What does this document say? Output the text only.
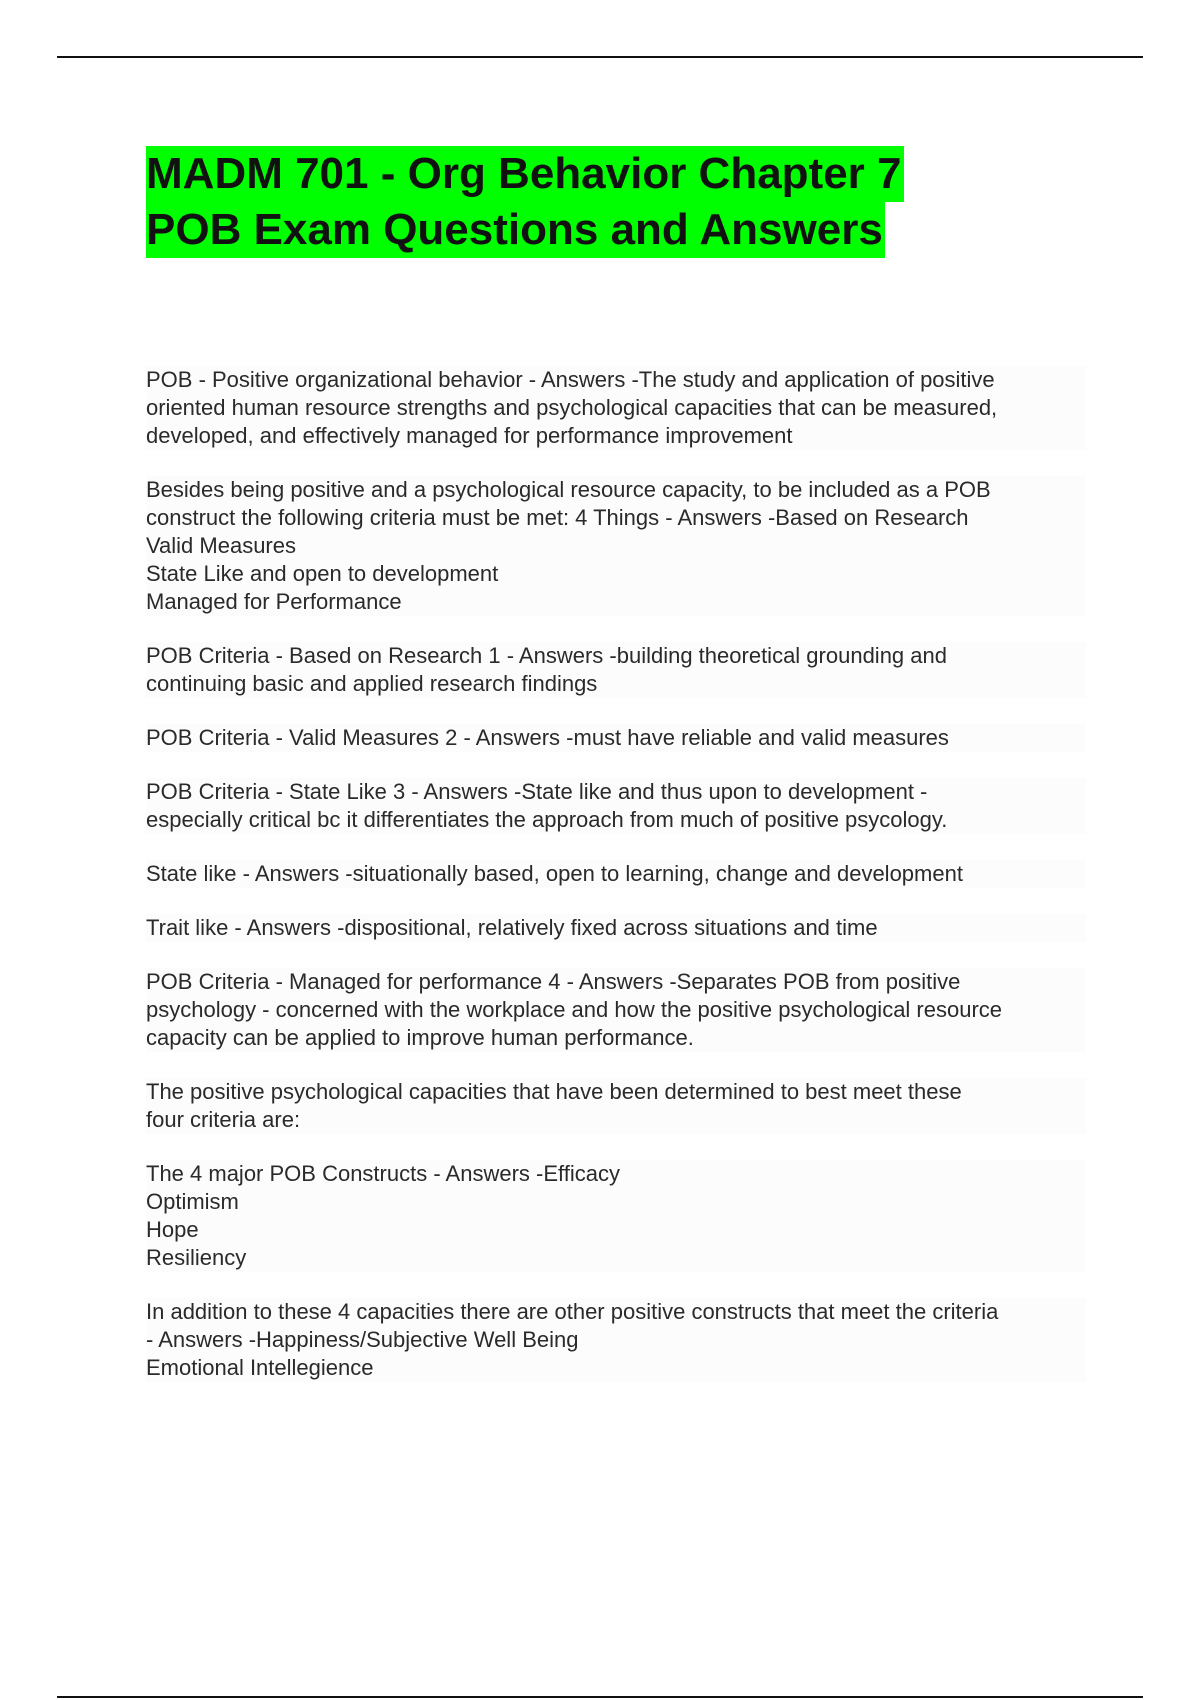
MADM 701 - Org Behavior Chapter 7
POB Exam Questions and Answers

POB - Positive organizational behavior - Answers -The study and application of positive
oriented human resource strengths and psychological capacities that can be measured,
developed, and effectively managed for performance improvement

Besides being positive and a psychological resource capacity, to be included as a POB
construct the following criteria must be met: 4 Things - Answers -Based on Research
Valid Measures
State Like and open to development
Managed for Performance

POB Criteria - Based on Research 1 - Answers -building theoretical grounding and
continuing basic and applied research findings

POB Criteria - Valid Measures 2 - Answers -must have reliable and valid measures

POB Criteria - State Like 3 - Answers -State like and thus upon to development -
especially critical bc it differentiates the approach from much of positive psycology.

State like - Answers -situationally based, open to learning, change and development

Trait like - Answers -dispositional, relatively fixed across situations and time

POB Criteria - Managed for performance 4 - Answers -Separates POB from positive
psychology - concerned with the workplace and how the positive psychological resource
capacity can be applied to improve human performance.

The positive psychological capacities that have been determined to best meet these
four criteria are:

The 4 major POB Constructs - Answers -Efficacy
Optimism
Hope
Resiliency

In addition to these 4 capacities there are other positive constructs that meet the criteria
- Answers -Happiness/Subjective Well Being
Emotional Intellegience
